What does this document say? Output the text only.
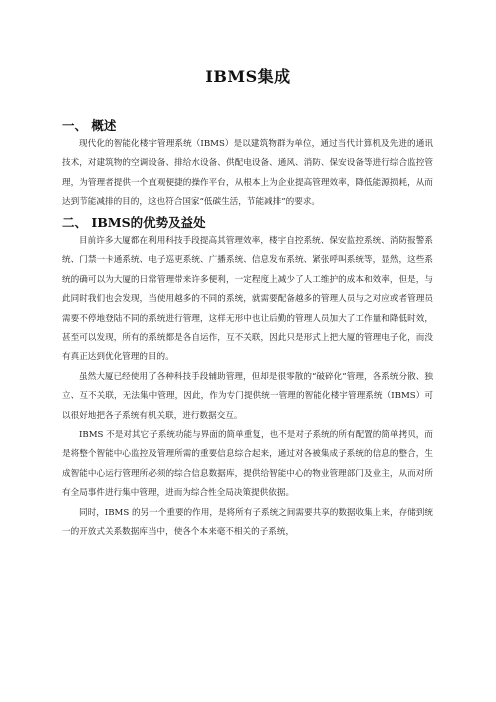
IBMS集成
一、 概述

现代化的智能化楼宇管理系统（IBMS）是以建筑物群为单位，通过当代计算机及先进的通讯技术，对建筑物的空调设备、排给水设备、供配电设备、通风、消防、保安设备等进行综合监控管理，为管理者提供一个直观便捷的操作平台，从根本上为企业提高管理效率，降低能源损耗，从而达到节能减排的目的，这也符合国家“低碳生活，节能减排”的要求。

二、 IBMS的优势及益处

目前许多大厦都在利用科技手段提高其管理效率，楼宇自控系统、保安监控系统、消防报警系统、门禁一卡通系统、电子巡更系统、广播系统、信息发布系统、紧张呼叫系统等，显然，这些系统的确可以为大厦的日常管理带来许多便利，一定程度上减少了人工维护的成本和效率，但是，与此同时我们也会发现，当使用越多的不同的系统，就需要配备越多的管理人员与之对应或者管理员需要不停地登陆不同的系统进行管理，这样无形中也让后勤的管理人员加大了工作量和降低时效，甚至可以发现，所有的系统都是各自运作，互不关联，因此只是形式上把大厦的管理电子化，而没有真正达到优化管理的目的。

虽然大厦已经使用了各种科技手段辅助管理，但却是很零散的“破碎化”管理，各系统分散、独立、互不关联，无法集中管理，因此，作为专门提供统一管理的智能化楼宇管理系统（IBMS）可以很好地把各子系统有机关联，进行数据交互。

IBMS 不是对其它子系统功能与界面的简单重复，也不是对子系统的所有配置的简单拷贝，而是将整个智能中心监控及管理所需的重要信息综合起来，通过对各被集成子系统的信息的整合，生成智能中心运行管理所必须的综合信息数据库，提供给智能中心的物业管理部门及业主，从而对所有全局事件进行集中管理，进而为综合性全局决策提供依据。

同时，IBMS 的另一个重要的作用，是将所有子系统之间需要共享的数据收集上来，存储到统一的开放式关系数据库当中，使各个本来毫不相关的子系统，
